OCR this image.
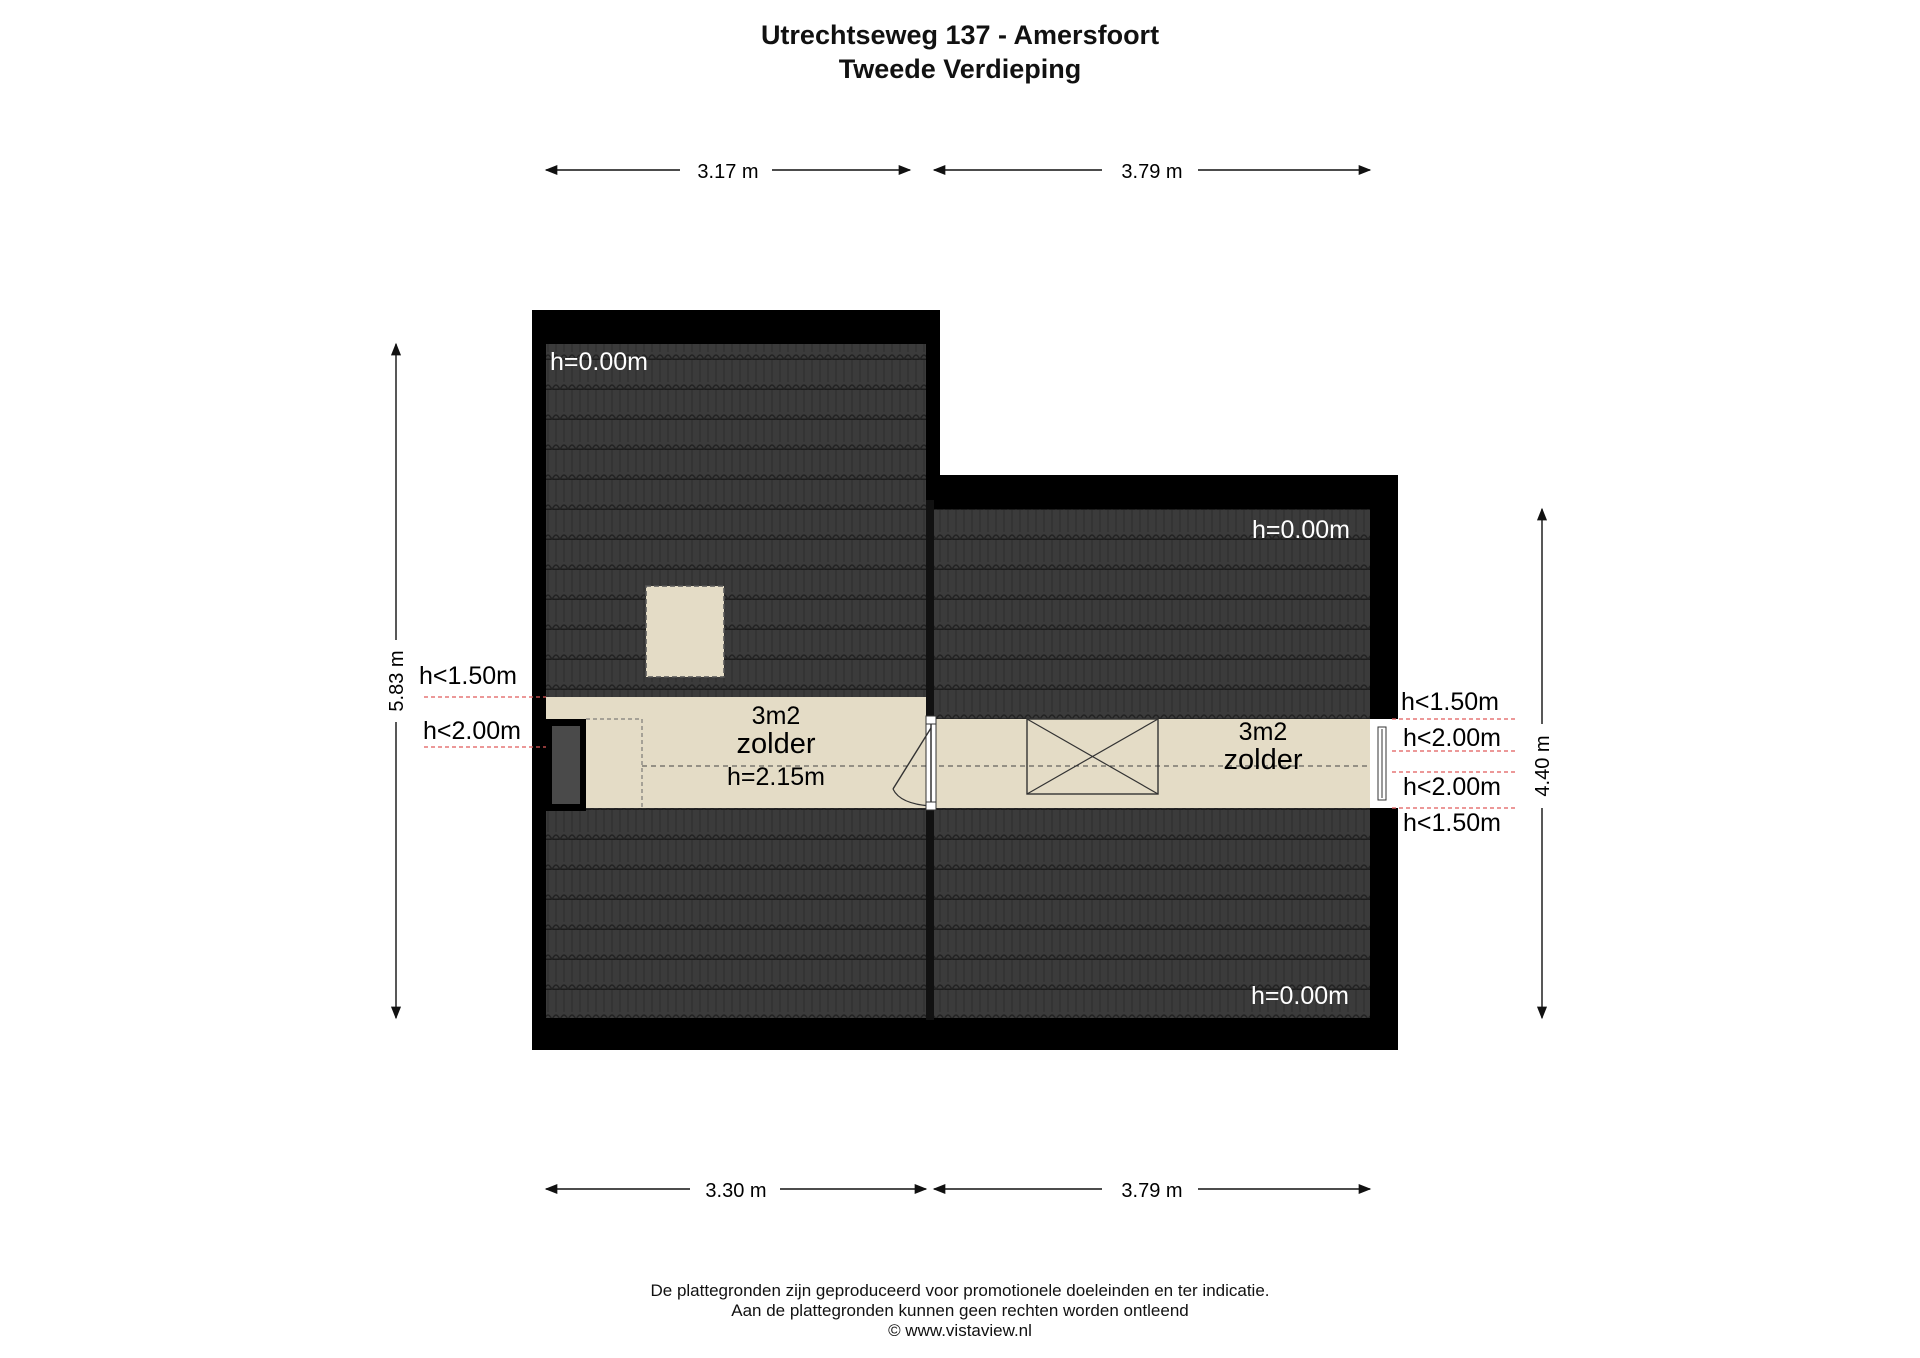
Utrechtseweg 137 - Amersfoort
Tweede Verdieping
3.17 m	3.79 m
3.30 m	3.79 m
5.83 m
4.40 m
h=0.00m
h=0.00m
h=0.00m
h<1.50m
h<2.00m
h<1.50m
h<2.00m
h<2.00m
h<1.50m
3m2
zolder
h=2.15m
3m2
zolder
De plattegronden zijn geproduceerd voor promotionele doeleinden en ter indicatie.
Aan de plattegronden kunnen geen rechten worden ontleend
© www.vistaview.nl
